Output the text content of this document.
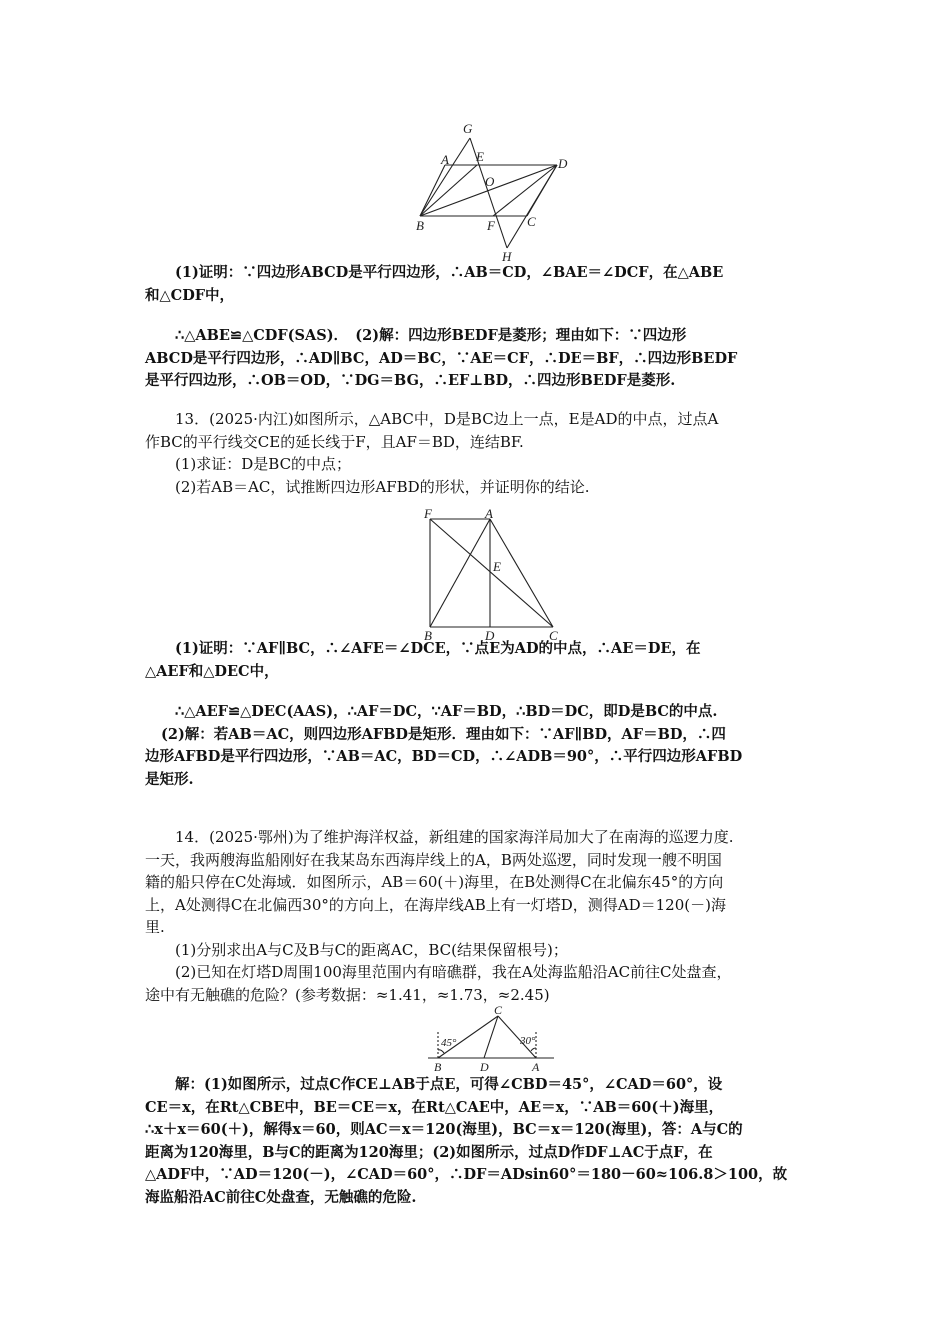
G
A E	D
O
B	F C
H

(1)证明：∵四边形ABCD是平行四边形，∴AB＝CD，∠BAE＝∠DCF，在△ABE

和△CDF中，

∴△ABE≌△CDF(SAS)．　(2)解：四边形BEDF是菱形；理由如下：∵四边形

ABCD是平行四边形，∴AD∥BC，AD＝BC，∵AE＝CF，∴DE＝BF，∴四边形BEDF

是平行四边形，∴OB＝OD，∵DG＝BG，∴EF⊥BD，∴四边形BEDF是菱形.

13．(2025·内江)如图所示，△ABC中，D是BC边上一点，E是AD的中点，过点A

作BC的平行线交CE的延长线于F，且AF＝BD，连结BF.

(1)求证：D是BC的中点；

(2)若AB＝AC，试推断四边形AFBD的形状，并证明你的结论.

F	A
E
B	D	C

(1)证明：∵AF∥BC，∴∠AFE＝∠DCE，∵点E为AD的中点，∴AE＝DE，在

△AEF和△DEC中，

∴△AEF≌△DEC(AAS)，∴AF＝DC，∵AF＝BD，∴BD＝DC，即D是BC的中点.

(2)解：若AB＝AC，则四边形AFBD是矩形．理由如下：∵AF∥BD，AF＝BD，∴四

边形AFBD是平行四边形，∵AB＝AC，BD＝CD，∴∠ADB＝90°，∴平行四边形AFBD

是矩形.

14．(2025·鄂州)为了维护海洋权益，新组建的国家海洋局加大了在南海的巡逻力度.

一天，我两艘海监船刚好在我某岛东西海岸线上的A，B两处巡逻，同时发现一艘不明国

籍的船只停在C处海域．如图所示，AB＝60(＋)海里，在B处测得C在北偏东45°的方向

上，A处测得C在北偏西30°的方向上，在海岸线AB上有一灯塔D，测得AD＝120(－)海

里.

(1)分别求出A与C及B与C的距离AC，BC(结果保留根号)；

(2)已知在灯塔D周围100海里范围内有暗礁群，我在A处海监船沿AC前往C处盘查，

途中有无触礁的危险？(参考数据：≈1.41，≈1.73，≈2.45)

C
45°	30°
B	D	A

解：(1)如图所示，过点C作CE⊥AB于点E，可得∠CBD＝45°，∠CAD＝60°，设

CE＝x，在Rt△CBE中，BE＝CE＝x，在Rt△CAE中，AE＝x，∵AB＝60(＋)海里，

∴x＋x＝60(＋)，解得x＝60，则AC＝x＝120(海里)，BC＝x＝120(海里)，答：A与C的

距离为120海里，B与C的距离为120海里；(2)如图所示，过点D作DF⊥AC于点F，在

△ADF中，∵AD＝120(－)，∠CAD＝60°，∴DF＝ADsin60°＝180－60≈106.8＞100，故

海监船沿AC前往C处盘查，无触礁的危险.
